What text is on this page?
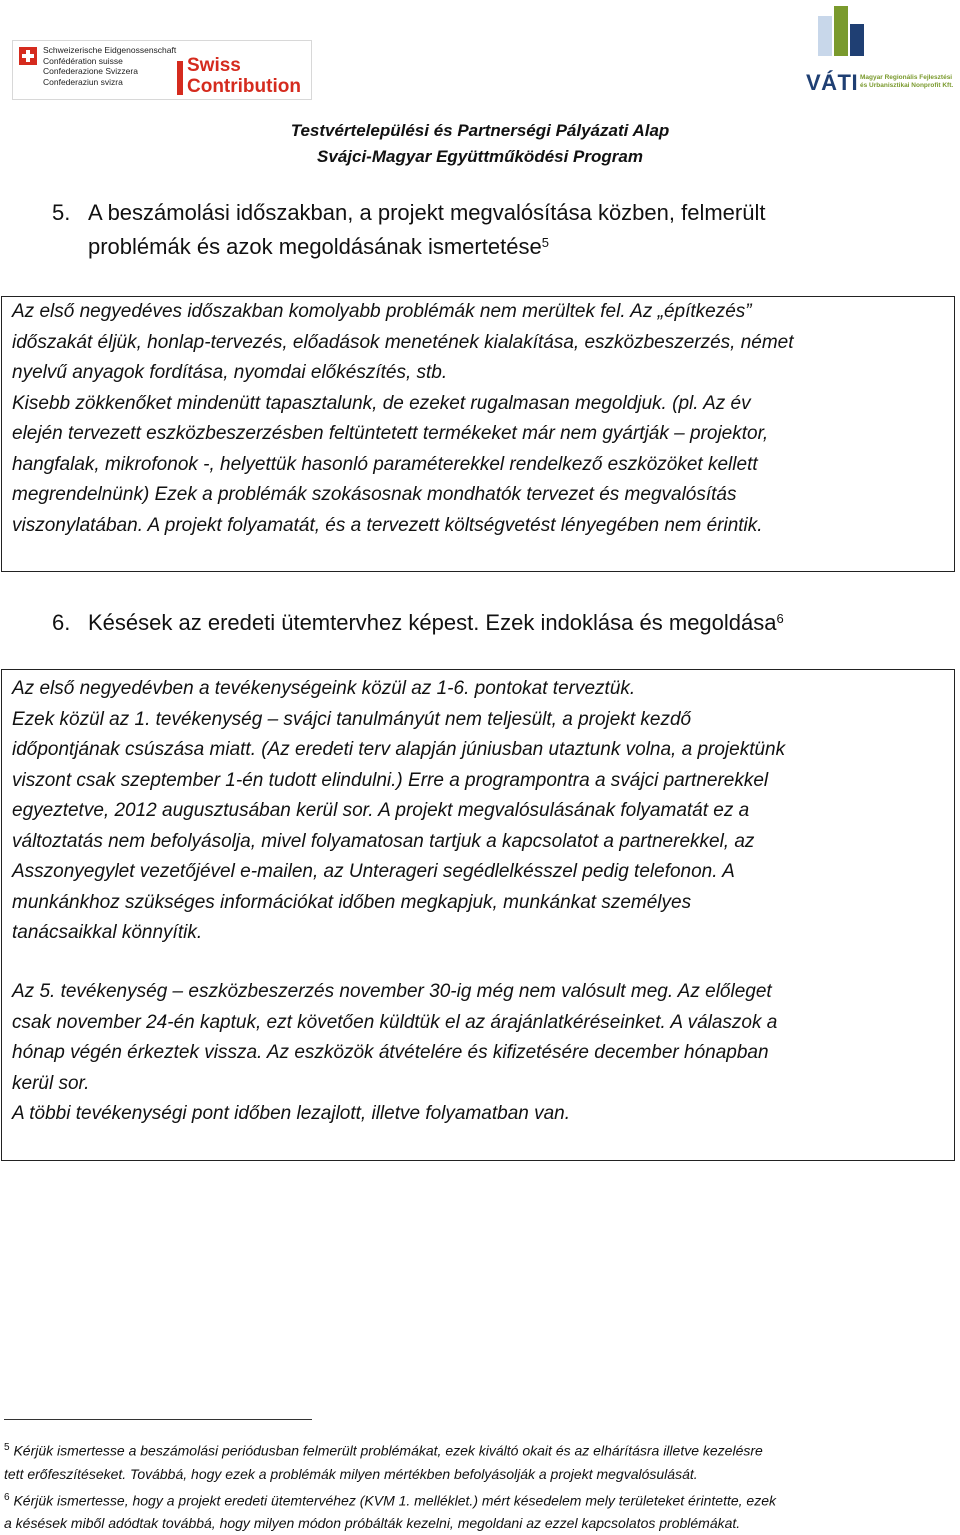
Schweizerische Eidgenossenschaft
Confédération suisse
Confederazione Svizzera
Confederaziun svizra
Swiss
Contribution	VÁTI Magyar Regionális Fejlesztési
és Urbanisztikai Nonprofit Kft.
Testvértelepülési és Partnerségi Pályázati Alap
Svájci-Magyar Együttműködési Program
5. A beszámolási időszakban, a projekt megvalósítása közben, felmerült
problémák és azok megoldásának ismertetése$^5$
Az első negyedéves időszakban komolyabb problémák nem merültek fel. Az „építkezés”
időszakát éljük, honlap-tervezés, előadások menetének kialakítása, eszközbeszerzés, német
nyelvű anyagok fordítása, nyomdai előkészítés, stb.
Kisebb zökkenőket mindenütt tapasztalunk, de ezeket rugalmasan megoldjuk. (pl. Az év
elején tervezett eszközbeszerzésben feltüntetett termékeket már nem gyártják – projektor,
hangfalak, mikrofonok -, helyettük hasonló paraméterekkel rendelkező eszközöket kellett
megrendelnünk) Ezek a problémák szokásosnak mondhatók tervezet és megvalósítás
viszonylatában. A projekt folyamatát, és a tervezett költségvetést lényegében nem érintik.
6. Késések az eredeti ütemtervhez képest. Ezek indoklása és megoldása$^6$
Az első negyedévben a tevékenységeink közül az 1-6. pontokat terveztük.
Ezek közül az 1. tevékenység – svájci tanulmányút nem teljesült, a projekt kezdő
időpontjának csúszása miatt. (Az eredeti terv alapján júniusban utaztunk volna, a projektünk
viszont csak szeptember 1-én tudott elindulni.) Erre a programpontra a svájci partnerekkel
egyeztetve, 2012 augusztusában kerül sor. A projekt megvalósulásának folyamatát ez a
változtatás nem befolyásolja, mivel folyamatosan tartjuk a kapcsolatot a partnerekkel, az
Asszonyegylet vezetőjével e-mailen, az Unterageri segédlelkésszel pedig telefonon. A
munkánkhoz szükséges információkat időben megkapjuk, munkánkat személyes
tanácsaikkal könnyítik.
Az 5. tevékenység – eszközbeszerzés november 30-ig még nem valósult meg. Az előleget
csak november 24-én kaptuk, ezt követően küldtük el az árajánlatkéréseinket. A válaszok a
hónap végén érkeztek vissza. Az eszközök átvételére és kifizetésére december hónapban
kerül sor.
A többi tevékenységi pont időben lezajlott, illetve folyamatban van.
$^5$ Kérjük ismertesse a beszámolási periódusban felmerült problémákat, ezek kiváltó okait és az elhárításra illetve kezelésre
tett erőfeszítéseket. Továbbá, hogy ezek a problémák milyen mértékben befolyásolják a projekt megvalósulását.
$^6$ Kérjük ismertesse, hogy a projekt eredeti ütemtervéhez (KVM 1. melléklet.) mért késedelem mely területeket érintette, ezek
a késések miből adódtak továbbá, hogy milyen módon próbálták kezelni, megoldani az ezzel kapcsolatos problémákat.
